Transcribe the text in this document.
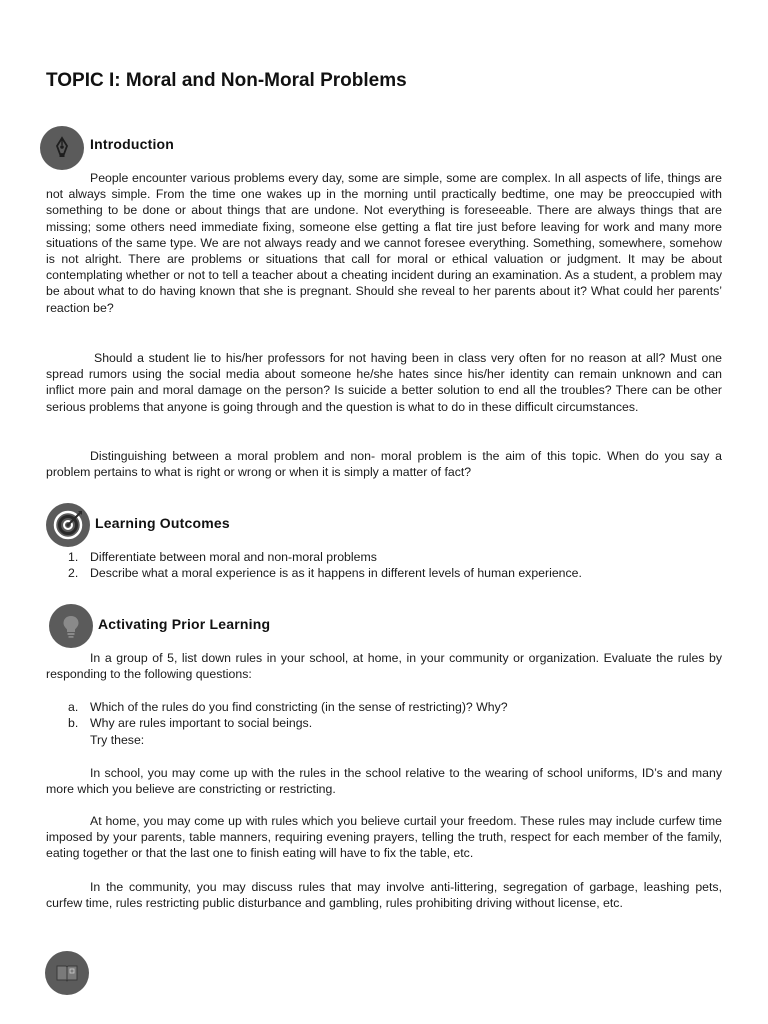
TOPIC I: Moral and Non-Moral Problems
Introduction

People encounter various problems every day, some are simple, some are complex. In all aspects of life, things are not always simple. From the time one wakes up in the morning until practically bedtime, one may be preoccupied with something to be done or about things that are undone. Not everything is foreseeable. There are always things that are missing; some others need immediate fixing, someone else getting a flat tire just before leaving for work and many more situations of the same type. We are not always ready and we cannot foresee everything. Something, somewhere, somehow is not alright. There are problems or situations that call for moral or ethical valuation or judgment. It may be about contemplating whether or not to tell a teacher about a cheating incident during an examination. As a student, a problem may be about what to do having known that she is pregnant. Should she reveal to her parents about it? What could her parents’ reaction be?

Should a student lie to his/her professors for not having been in class very often for no reason at all? Must one spread rumors using the social media about someone he/she hates since his/her identity can remain unknown and can inflict more pain and moral damage on the person? Is suicide a better solution to end all the troubles? There can be other serious problems that anyone is going through and the question is what to do in these difficult circumstances.

Distinguishing between a moral problem and non- moral problem is the aim of this topic. When do you say a problem pertains to what is right or wrong or when it is simply a matter of fact?

Learning Outcomes
1. Differentiate between moral and non-moral problems
2. Describe what a moral experience is as it happens in different levels of human experience.
Activating Prior Learning

In a group of 5, list down rules in your school, at home, in your community or organization. Evaluate the rules by responding to the following questions:

a. Which of the rules do you find constricting (in the sense of restricting)? Why?
b. Why are rules important to social beings.

Try these:

In school, you may come up with the rules in the school relative to the wearing of school uniforms, ID’s and many more which you believe are constricting or restricting.

At home, you may come up with rules which you believe curtail your freedom. These rules may include curfew time imposed by your parents, table manners, requiring evening prayers, telling the truth, respect for each member of the family, eating together or that the last one to finish eating will have to fix the table, etc.

In the community, you may discuss rules that may involve anti-littering, segregation of garbage, leashing pets, curfew time, rules restricting public disturbance and gambling, rules prohibiting driving without license, etc.
